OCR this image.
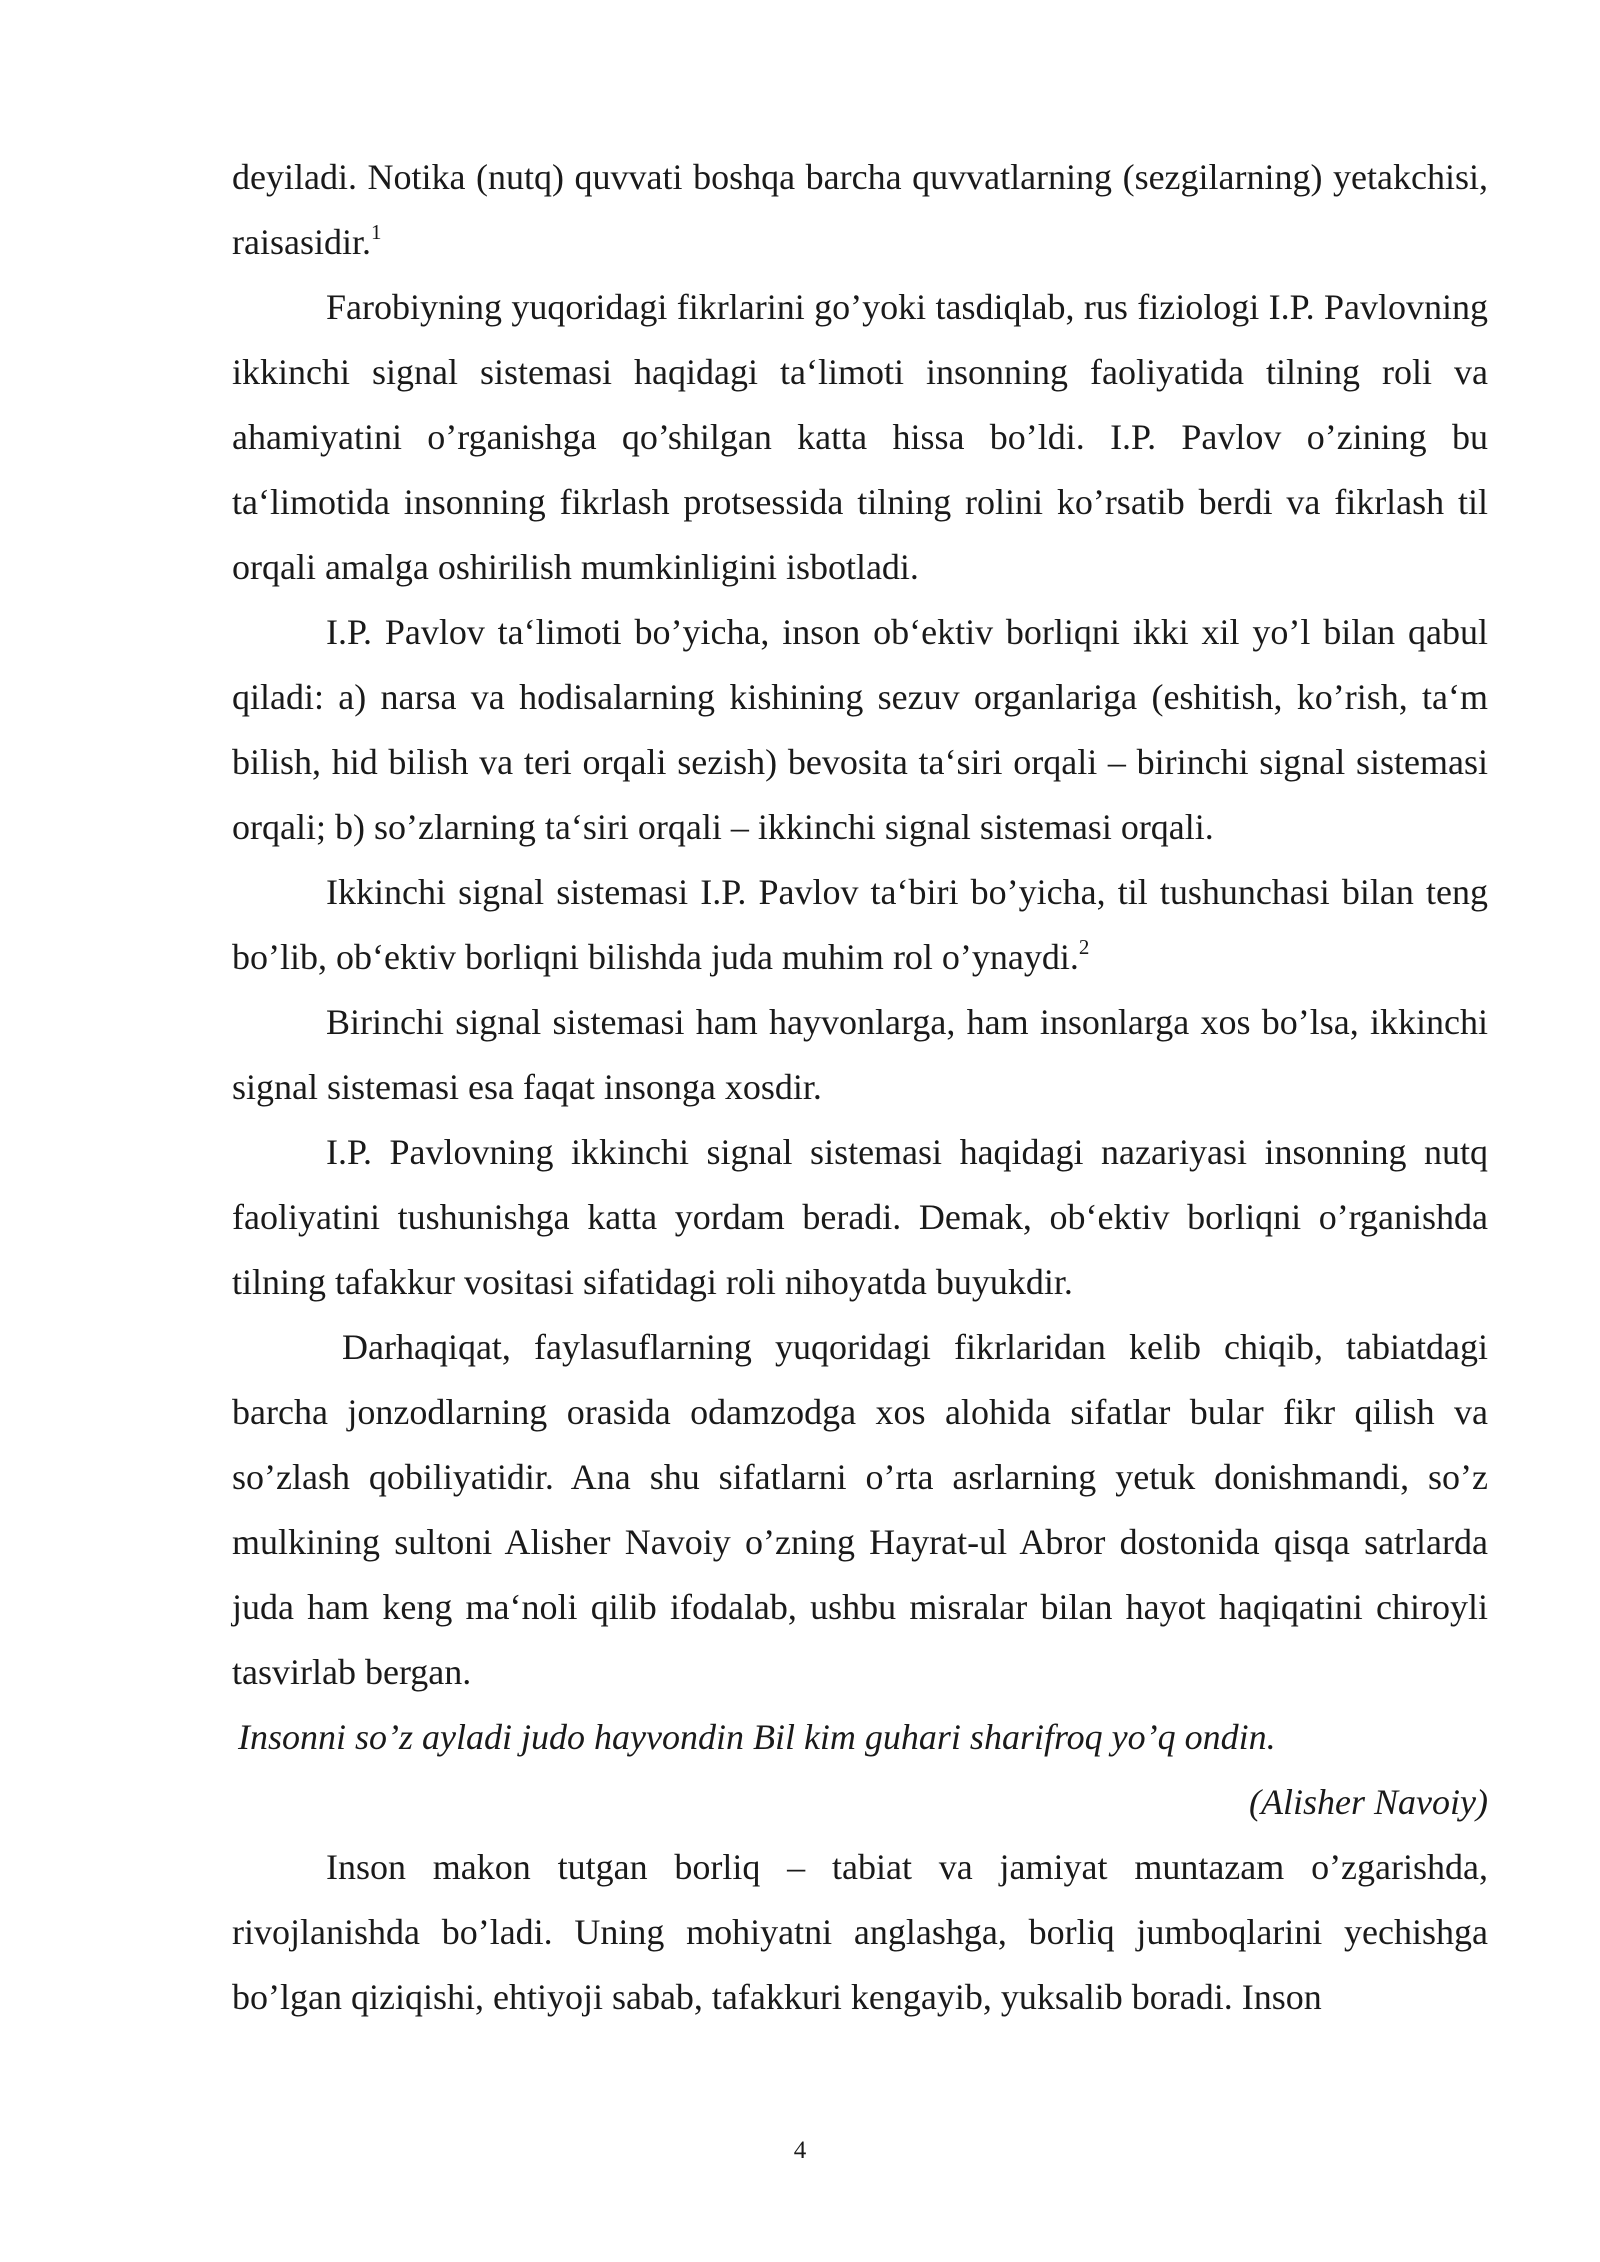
deyiladi. Notika (nutq) quvvati boshqa barcha quvvatlarning (sezgilarning) yetakchisi, raisasidir.$^1$

Farobiyning yuqoridagi fikrlarini go’yoki tasdiqlab, rus fiziologi I.P. Pavlovning ikkinchi signal sistemasi haqidagi ta‘limoti insonning faoliyatida tilning roli va ahamiyatini o’rganishga qo’shilgan katta hissa bo’ldi. I.P. Pavlov o’zining bu ta‘limotida insonning fikrlash protsessida tilning rolini ko’rsatib berdi va fikrlash til orqali amalga oshirilish mumkinligini isbotladi.

I.P. Pavlov ta‘limoti bo’yicha, inson ob‘ektiv borliqni ikki xil yo’l bilan qabul qiladi: a) narsa va hodisalarning kishining sezuv organlariga (eshitish, ko’rish, ta‘m bilish, hid bilish va teri orqali sezish) bevosita ta‘siri orqali – birinchi signal sistemasi orqali; b) so’zlarning ta‘siri orqali – ikkinchi signal sistemasi orqali.

Ikkinchi signal sistemasi I.P. Pavlov ta‘biri bo’yicha, til tushunchasi bilan teng bo’lib, ob‘ektiv borliqni bilishda juda muhim rol o’ynaydi.$^2$

Birinchi signal sistemasi ham hayvonlarga, ham insonlarga xos bo’lsa, ikkinchi signal sistemasi esa faqat insonga xosdir.

I.P. Pavlovning ikkinchi signal sistemasi haqidagi nazariyasi insonning nutq faoliyatini tushunishga katta yordam beradi. Demak, ob‘ektiv borliqni o’rganishda tilning tafakkur vositasi sifatidagi roli nihoyatda buyukdir.

Darhaqiqat, faylasuflarning yuqoridagi fikrlaridan kelib chiqib, tabiatdagi barcha jonzodlarning orasida odamzodga xos alohida sifatlar bular fikr qilish va so’zlash qobiliyatidir. Ana shu sifatlarni o’rta asrlarning yetuk donishmandi, so’z mulkining sultoni Alisher Navoiy o’zning Hayrat-ul Abror dostonida qisqa satrlarda juda ham keng ma‘noli qilib ifodalab, ushbu misralar bilan hayot haqiqatini chiroyli tasvirlab bergan.

Insonni so’z ayladi judo hayvondin Bil kim guhari sharifroq yo’q ondin.

(Alisher Navoiy)

Inson makon tutgan borliq – tabiat va jamiyat muntazam o’zgarishda, rivojlanishda bo’ladi. Uning mohiyatni anglashga, borliq jumboqlarini yechishga bo’lgan qiziqishi, ehtiyoji sabab, tafakkuri kengayib, yuksalib boradi. Inson

4
